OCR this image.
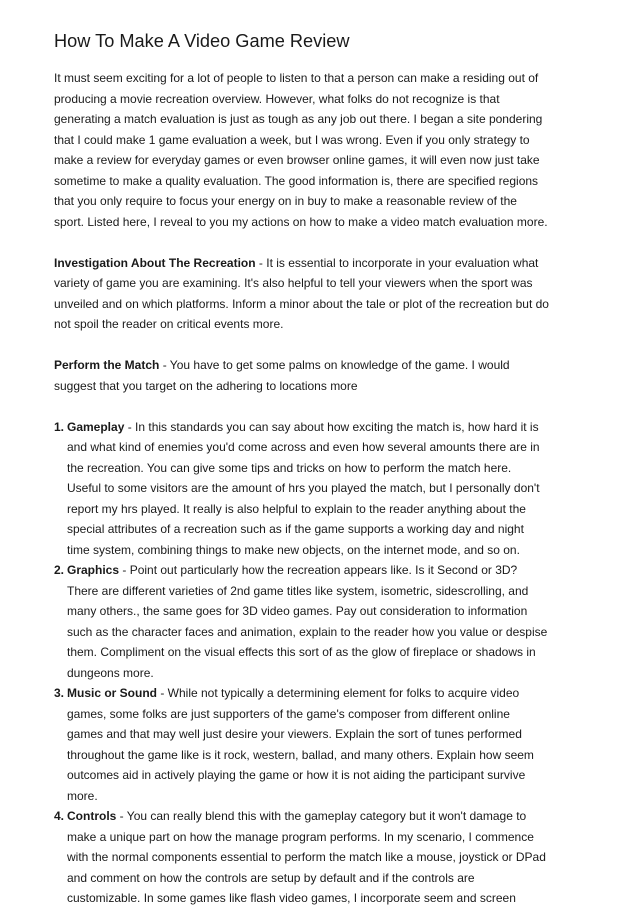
How To Make A Video Game Review

It must seem exciting for a lot of people to listen to that a person can make a residing out of
producing a movie recreation overview. However, what folks do not recognize is that
generating a match evaluation is just as tough as any job out there. I began a site pondering
that I could make 1 game evaluation a week, but I was wrong. Even if you only strategy to
make a review for everyday games or even browser online games, it will even now just take
sometime to make a quality evaluation. The good information is, there are specified regions
that you only require to focus your energy on in buy to make a reasonable review of the
sport. Listed here, I reveal to you my actions on how to make a video match evaluation more.

Investigation About The Recreation - It is essential to incorporate in your evaluation what
variety of game you are examining. It's also helpful to tell your viewers when the sport was
unveiled and on which platforms. Inform a minor about the tale or plot of the recreation but do
not spoil the reader on critical events more.

Perform the Match - You have to get some palms on knowledge of the game. I would
suggest that you target on the adhering to locations more

1. Gameplay - In this standards you can say about how exciting the match is, how hard it is
and what kind of enemies you'd come across and even how several amounts there are in
the recreation. You can give some tips and tricks on how to perform the match here.
Useful to some visitors are the amount of hrs you played the match, but I personally don't
report my hrs played. It really is also helpful to explain to the reader anything about the
special attributes of a recreation such as if the game supports a working day and night
time system, combining things to make new objects, on the internet mode, and so on.
2. Graphics - Point out particularly how the recreation appears like. Is it Second or 3D?
There are different varieties of 2nd game titles like system, isometric, sidescrolling, and
many others., the same goes for 3D video games. Pay out consideration to information
such as the character faces and animation, explain to the reader how you value or despise
them. Compliment on the visual effects this sort of as the glow of fireplace or shadows in
dungeons more.
3. Music or Sound - While not typically a determining element for folks to acquire video
games, some folks are just supporters of the game's composer from different online
games and that may well just desire your viewers. Explain the sort of tunes performed
throughout the game like is it rock, western, ballad, and many others. Explain how seem
outcomes aid in actively playing the game or how it is not aiding the participant survive
more.
4. Controls - You can really blend this with the gameplay category but it won't damage to
make a unique part on how the manage program performs. In my scenario, I commence
with the normal components essential to perform the match like a mouse, joystick or DPad
and comment on how the controls are setup by default and if the controls are
customizable. In some games like flash video games, I incorporate seem and screen
